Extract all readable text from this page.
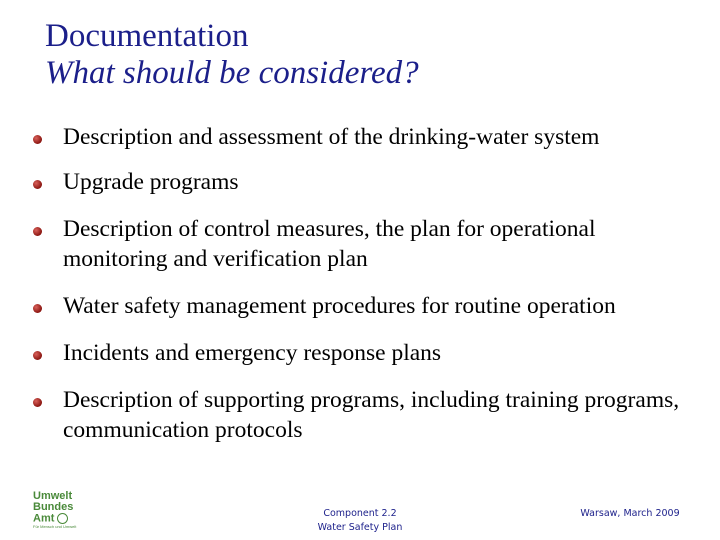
Documentation
What should be considered?
Description and assessment of the drinking-water system
Upgrade programs
Description of control measures, the plan for operational monitoring and verification plan
Water safety management procedures for routine operation
Incidents and emergency response plans
Description of supporting programs, including training programs, communication protocols
Umwelt
Bundes
Amt
Für Mensch und Umwelt
Component 2.2
Water Safety Plan
Warsaw, March 2009
